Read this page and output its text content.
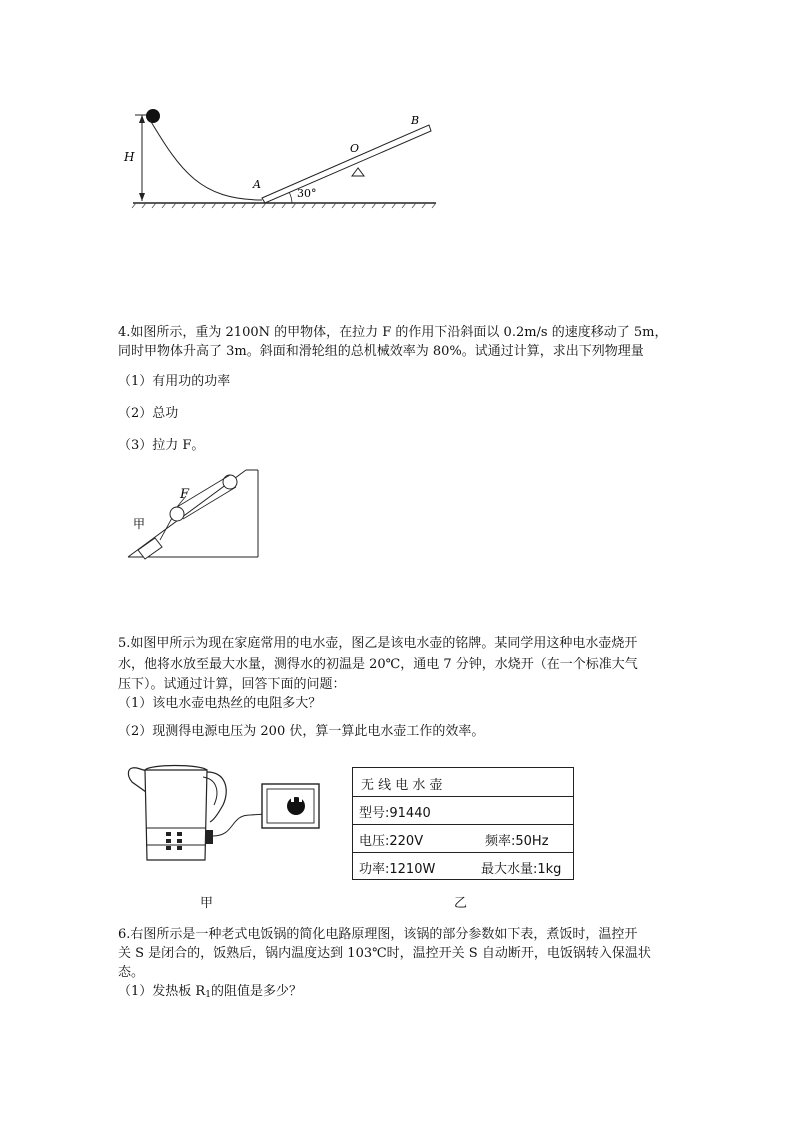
H
30°
A
O
B
4.如图所示，重为 2100N 的甲物体，在拉力 F 的作用下沿斜面以 0.2m/s 的速度移动了 5m，
同时甲物体升高了 3m。斜面和滑轮组的总机械效率为 80%。试通过计算，求出下列物理量
（1）有用功的功率
（2）总功
（3）拉力 F。
F
甲
5.如图甲所示为现在家庭常用的电水壶，图乙是该电水壶的铭牌。某同学用这种电水壶烧开
水，他将水放至最大水量，测得水的初温是 20℃，通电 7 分钟，水烧开（在一个标准大气
压下）。试通过计算，回答下面的问题：
（1）该电水壶电热丝的电阻多大？
（2）现测得电源电压为 200 伏，算一算此电水壶工作的效率。
无 线 电 水 壶
型号:91440
电压:220V	频率:50Hz
功率:1210W	最大水量:1kg
甲	乙
6.右图所示是一种老式电饭锅的简化电路原理图，该锅的部分参数如下表，煮饭时，温控开
关 S 是闭合的，饭熟后，锅内温度达到 103℃时，温控开关 S 自动断开，电饭锅转入保温状
态。
（1）发热板 $R_1$的阻值是多少？
